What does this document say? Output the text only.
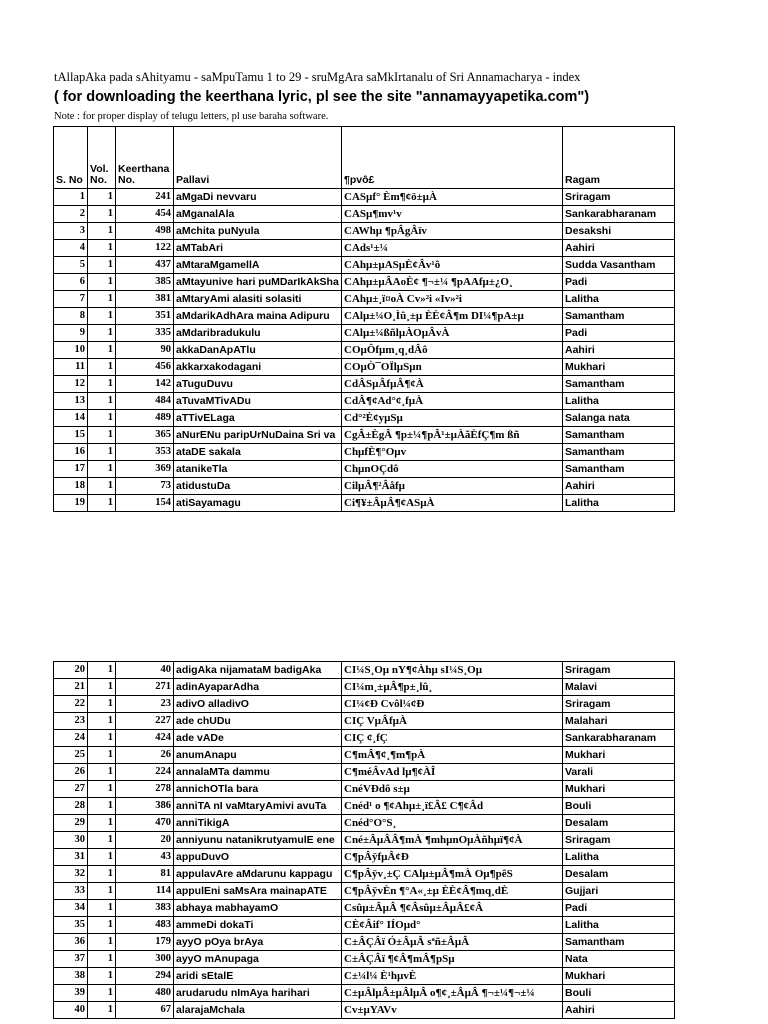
tAllapAka pada sAhityamu - saMpuTamu 1 to 29 - sruMgAra saMkIrtanalu of Sri Annamacharya - index
( for downloading the keerthana lyric, pl see the site "annamayyapetika.com")
Note : for proper display of telugu letters, pl use baraha software.
S. No	Vol. No.	Keerthana No.	Pallavi	¶pvô£	Ragam
1	1	241	aMgaDi nevvaru	CASµf° Èm¶¢ö±µÀ	Sriragam
2	1	454	aMganalAla	CASµ¶mv¹v	Sankarabharanam
3	1	498	aMchita puNyula	CAWhµ ¶pÂgÂïv	Desakshi
4	1	122	aMTabAri	CAds¹±¼	Aahiri
5	1	437	aMtaraMgamellA	CAhµ±µASµÈ¢Âv¹ô	Sudda Vasantham
6	1	385	aMtayunive hari puMDarIkAkSha	CAhµ±µÂAoÈ¢ ¶¬±¼ ¶pAAfµ±¿O¸	Padi
7	1	381	aMtaryAmi alasiti solasiti	CAhµ±¸ï¤oÀ Cv»²i «Iv»²i	Lalitha
8	1	351	aMdarikAdhAra maina Adipuru	CAlµ±¼O¸Ìû¸±µ ÈÈ¢Â¶m DI¼¶pA±µ	Samantham
9	1	335	aMdaribradukulu	CAlµ±¼ßñlµÀOµÂvÀ	Padi
10	1	90	akkaDanApATlu	COµÔfµm¸q¸dÂô	Aahiri
11	1	456	akkarxakodagani	COµÒ¯OÏlµSµn	Mukhari
12	1	142	aTuguDuvu	CdÂSµÂfµÂ¶¢À	Samantham
13	1	484	aTuvaMTivADu	CdÂ¶¢Ad°¢¸fµÀ	Lalitha
14	1	489	aTTivELaga	Cd°²È¢yµSµ	Salanga nata
15	1	365	aNurENu paripUrNuDaina Sri va	CgÂ±ÈgÂ ¶p±¼¶pÂ¹±µÀãÈfÇ¶m ßñ	Samantham
16	1	353	ataDE sakala	ChµfÈ¶°Oµv	Samantham
17	1	369	atanikeTla	ChµnOÇdô	Samantham
18	1	73	atidustuDa	CilµÂ¶²Âåfµ	Aahiri
19	1	154	atiSayamagu	Ci¶¥±ÂµÂ¶¢ASµÀ	Lalitha
20	1	40	adigAka nijamataM badigAka	CI¼S¸Oµ nY¶¢Àhµ sI¼S¸Oµ	Sriragam
21	1	271	adinAyaparAdha	CI¼m¸±µÂ¶p±¸lû¸	Malavi
22	1	23	adivO alladivO	CI¼¢Ð Cvôl¼¢Ð	Sriragam
23	1	227	ade chUDu	CIÇ VµÂfµÀ	Malahari
24	1	424	ade vADe	CIÇ ¢¸fÇ	Sankarabharanam
25	1	26	anumAnapu	C¶mÂ¶¢¸¶m¶pÀ	Mukhari
26	1	224	annalaMTa dammu	C¶méÂvAd lµ¶¢ÀÎ	Varali
27	1	278	annichOTla bara	CnéVÐdô s±µ	Mukhari
28	1	386	anniTA nI vaMtaryAmivi avuTa	Cnéd¹ o ¶¢Ahµ±¸ï£Â£ C¶¢Âd	Bouli
29	1	470	anniTikigA	Cnéd°O°S¸	Desalam
30	1	20	anniyunu natanikrutyamulE ene	Cné±ÂµÂÂ¶mÀ ¶mhµnOµÀñhµï¶¢À	Sriragam
31	1	43	appuDuvO	C¶pÂÿfµÂ¢Ð	Lalitha
32	1	81	appulavAre aMdarunu kappagu	C¶pÂÿv¸±Ç CAlµ±µÂ¶mÀ Oµ¶pêS	Desalam
33	1	114	appulEni saMsAra mainapATE	C¶pÂÿvÈn ¶°A«¸±µ ÈÈ¢Â¶mq¸dÈ	Gujjari
34	1	383	abhaya mabhayamO	Csûµ±ÂµÂ ¶¢Âsûµ±ÂµÂ£¢Â	Padi
35	1	483	ammeDi dokaTi	CÈ¢Âif° IÍOµd°	Lalitha
36	1	179	ayyO pOya brAya	C±ÂÇÂï Ó±ÂµÂ sªñ±ÂµÂ	Samantham
37	1	300	ayyO mAnupaga	C±ÂÇÂï ¶¢Â¶mÂ¶pSµ	Nata
38	1	294	aridi sEtalE	C±¼l¼ È¹hµvÈ	Mukhari
39	1	480	arudarudu nImAya harihari	C±µÂlµÂ±µÂlµÂ o¶¢¸±ÂµÂ ¶¬±¼¶¬±¼	Bouli
40	1	67	alarajaMchala	Cv±µYAVv	Aahiri
